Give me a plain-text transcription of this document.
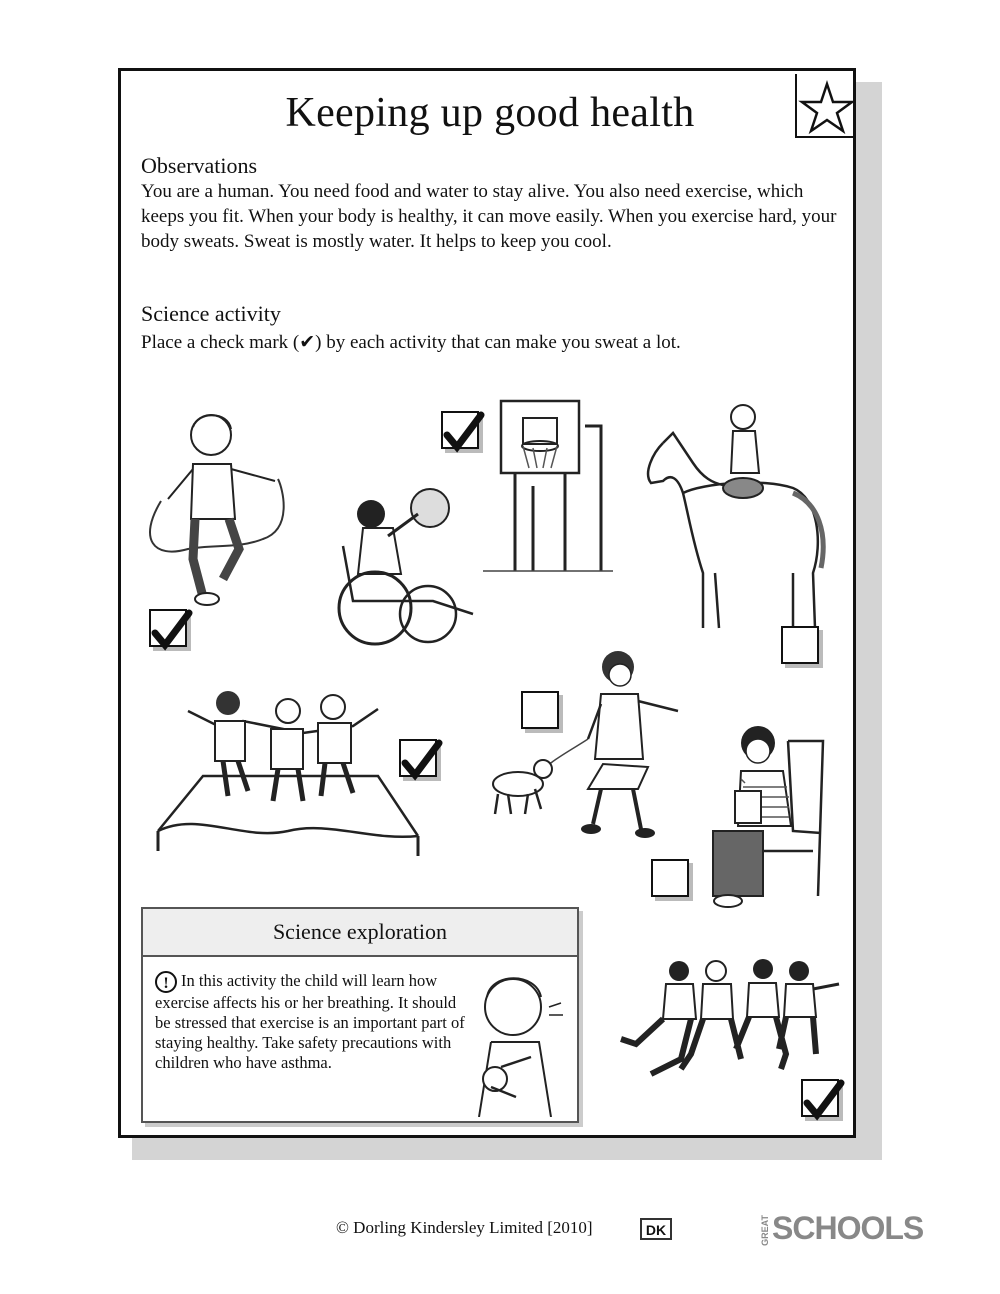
Keeping up good health
Observations
You are a human. You need food and water to stay alive. You also need exercise, which keeps you fit. When your body is healthy, it can move easily. When you exercise hard, your body sweats. Sweat is mostly water. It helps to keep you cool.
Science activity
Place a check mark (✔) by each activity that can make you sweat a lot.
Science exploration
! In this activity the child will learn how exercise affects his or her breathing. It should be stressed that exercise is an important part of staying healthy. Take safety precautions with children who have asthma.
© Dorling Kindersley Limited [2010]	DK	GREATSCHOOLS
